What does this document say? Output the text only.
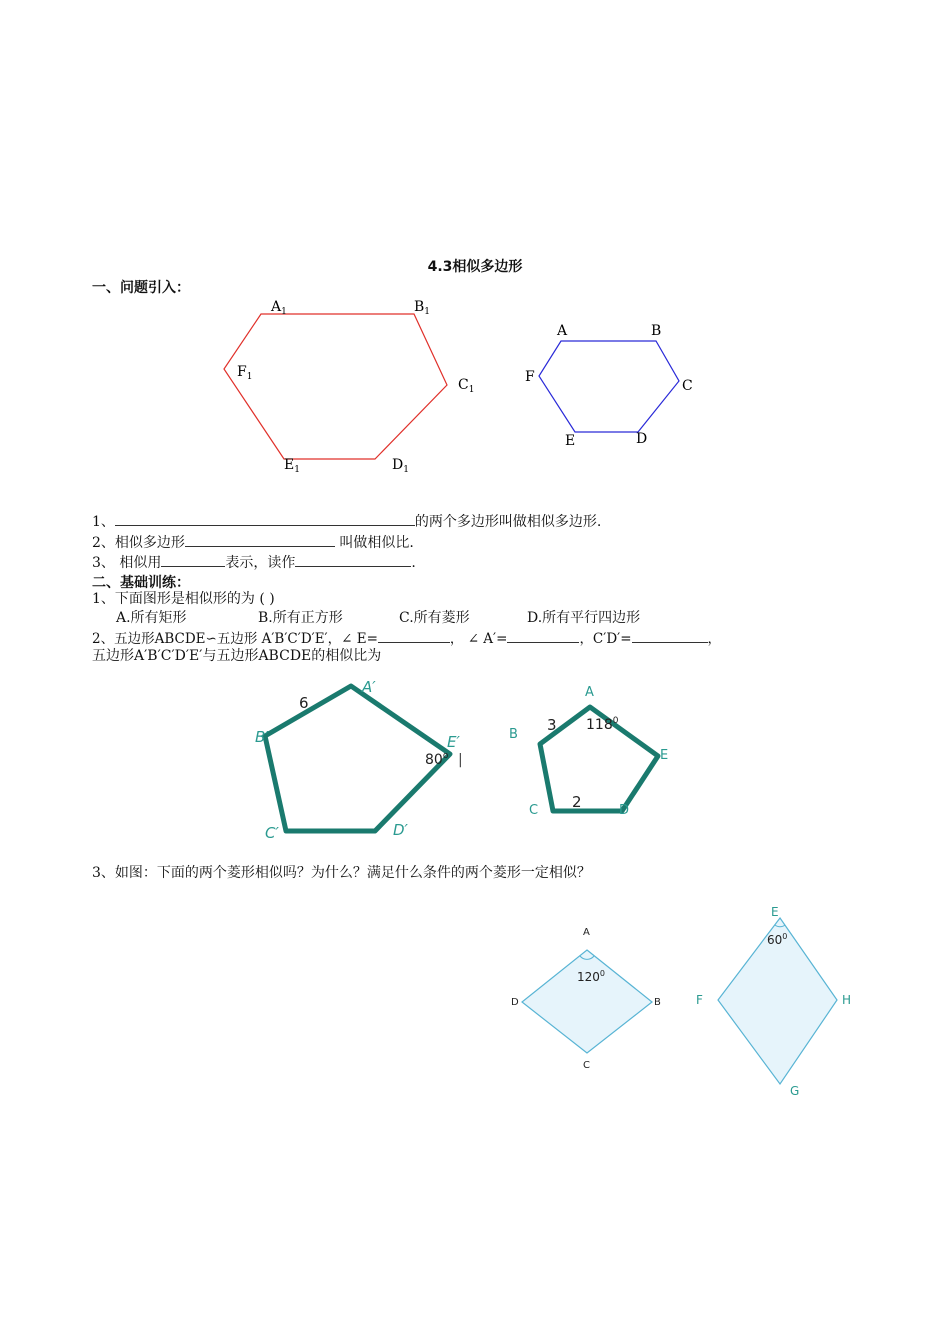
4.3相似多边形
一、问题引入：
$A_1$	$B_1$
$C_1$
$D_1$
$E_1$
$F_1$
A	B
C
D
E
F
1、	的两个多边形叫做相似多边形.
2、相似多边形	叫做相似比.
3、 相似用	表示，读作	.
二、基础训练：
1、下面图形是相似形的为 ( )
A.所有矩形	B.所有正方形	C.所有菱形	D.所有平行四边形
2、五边形ABCDE∽五边形 A′B′C′D′E′，∠ E=	， ∠ A′=	，C′D′=	，
五边形A′B′C′D′E′与五边形ABCDE的相似比为
A′
B′
C′	D′
E′
|
6
80$^o$
A
B
C	D
E
3
2
$118^0$
3、如图：下面的两个菱形相似吗？为什么？满足什么条件的两个菱形一定相似？
A
B
C
D
$120^0$
E
F
G
H
$60^0$
